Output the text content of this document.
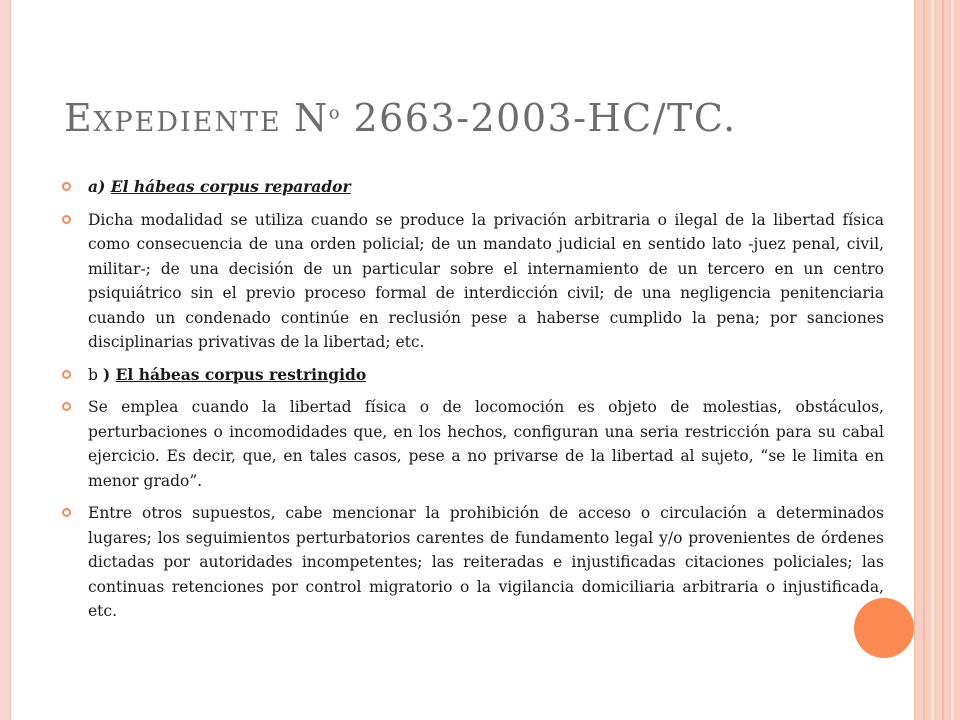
EXPEDIENTE $N^o$ 2663-2003-HC/TC.
a) El hábeas corpus reparador
Dicha modalidad se utiliza cuando se produce la privación arbitraria o ilegal de la libertad física como consecuencia de una orden policial; de un mandato judicial en sentido lato -juez penal, civil, militar-; de una decisión de un particular sobre el internamiento de un tercero en un centro psiquiátrico sin el previo proceso formal de interdicción civil; de una negligencia penitenciaria cuando un condenado continúe en reclusión pese a haberse cumplido la pena; por sanciones disciplinarias privativas de la libertad; etc.
b ) El hábeas corpus restringido
Se emplea cuando la libertad física o de locomoción es objeto de molestias, obstáculos, perturbaciones o incomodidades que, en los hechos, configuran una seria restricción para su cabal ejercicio. Es decir, que, en tales casos, pese a no privarse de la libertad al sujeto, “se le limita en menor grado”.
Entre otros supuestos, cabe mencionar la prohibición de acceso o circulación a determinados lugares; los seguimientos perturbatorios carentes de fundamento legal y/o provenientes de órdenes dictadas por autoridades incompetentes; las reiteradas e injustificadas citaciones policiales; las continuas retenciones por control migratorio o la vigilancia domiciliaria arbitraria o injustificada, etc.
